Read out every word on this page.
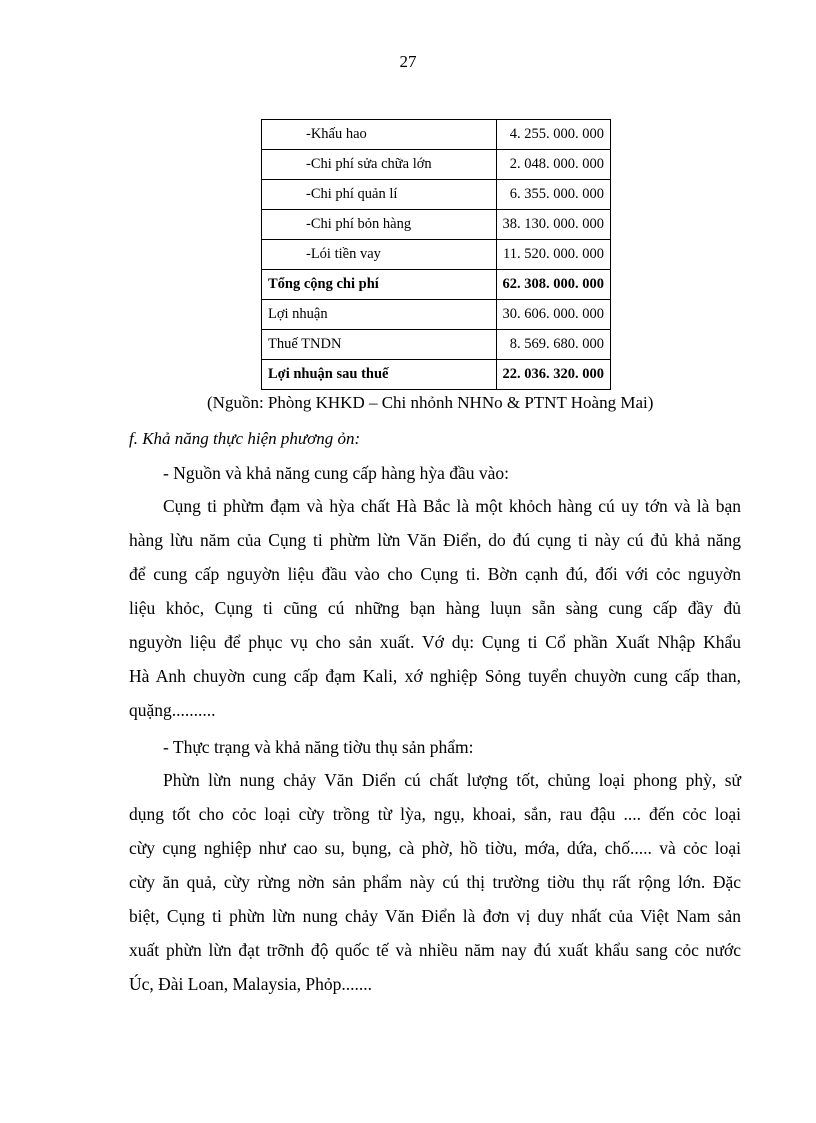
27
-Khấu hao	4. 255. 000. 000
-Chi phí sửa chữa lớn	2. 048. 000. 000
-Chi phí quản lí	6. 355. 000. 000
-Chi phí bỏn hàng	38. 130. 000. 000
-Lói tiền vay	11. 520. 000. 000
Tổng cộng chi phí	62. 308. 000. 000
Lợi nhuận	30. 606. 000. 000
Thuế TNDN	8. 569. 680. 000
Lợi nhuận sau thuế	22. 036. 320. 000
(Nguồn: Phòng KHKD – Chi nhỏnh NHNo & PTNT Hoàng Mai)
f. Khả năng thực hiện phương ỏn:
- Nguồn và khả năng cung cấp hàng hỳa đầu vào:
Cụng ti phừm đạm và hỳa chất Hà Bắc là một khỏch hàng cú uy tớn và là bạn
hàng lừu năm của Cụng ti phừm lừn Văn Điển, do đú cụng ti này cú đủ khả năng
để cung cấp nguyờn liệu đầu vào cho Cụng ti. Bờn cạnh đú, đối với cỏc nguyờn
liệu khỏc, Cụng ti cũng cú những bạn hàng luụn sẵn sàng cung cấp đầy đủ
nguyờn liệu để phục vụ cho sản xuất. Vớ dụ: Cụng ti Cổ phần Xuất Nhập Khẩu
Hà Anh chuyờn cung cấp đạm Kali, xớ nghiệp Sỏng tuyển chuyờn cung cấp than,
quặng..........
- Thực trạng và khả năng tiờu thụ sản phẩm:
Phừn lừn nung chảy Văn Diển cú chất lượng tốt, chủng loại phong phỳ, sử
dụng tốt cho cỏc loại cừy trồng từ lỳa, ngụ, khoai, sắn, rau đậu .... đến cỏc loại
cừy cụng nghiệp như cao su, bụng, cà phờ, hồ tiờu, mớa, dứa, chố..... và cỏc loại
cừy ăn quả, cừy rừng nờn sản phẩm này cú thị trường tiờu thụ rất rộng lớn. Đặc
biệt, Cụng ti phừn lừn nung chảy Văn Điển là đơn vị duy nhất của Việt Nam sản
xuất phừn lừn đạt trỡnh độ quốc tế và nhiều năm nay đú xuất khẩu sang cỏc nước
Úc, Đài Loan, Malaysia, Phỏp.......
